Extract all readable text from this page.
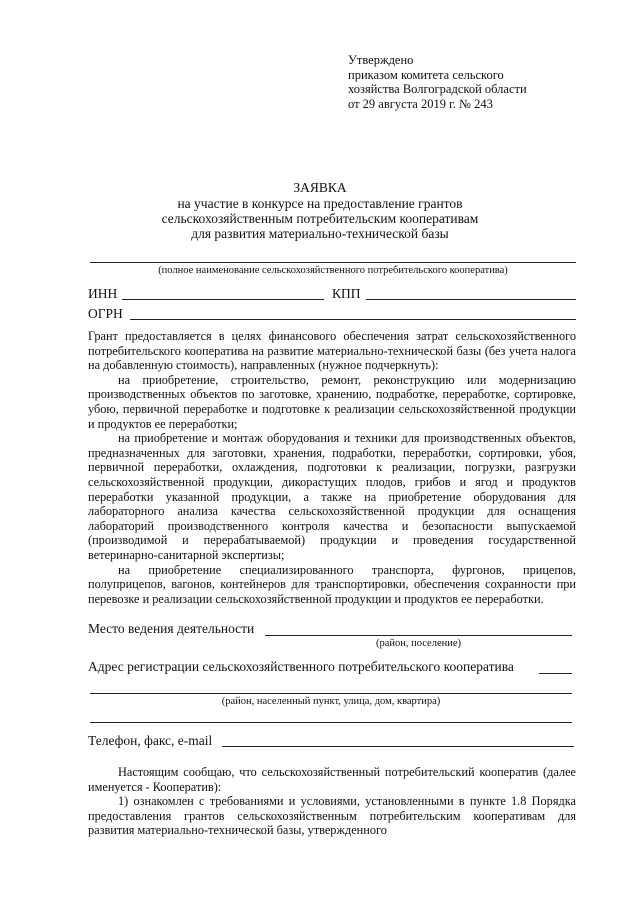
Утверждено
приказом комитета сельского
хозяйства Волгоградской области
от 29 августа 2019 г. № 243
ЗАЯВКА
на участие в конкурсе на предоставление грантов
сельскохозяйственным потребительским кооперативам
для развития материально-технической базы
(полное наименование сельскохозяйственного потребительского кооператива)
ИНН	КПП
ОГРН

Грант предоставляется в целях финансового обеспечения затрат сельскохозяйственного потребительского кооператива на развитие материально-технической базы (без учета налога на добавленную стоимость), направленных (нужное подчеркнуть):

на приобретение, строительство, ремонт, реконструкцию или модернизацию производственных объектов по заготовке, хранению, подработке, переработке, сортировке, убою, первичной переработке и подготовке к реализации сельскохозяйственной продукции и продуктов ее переработки;

на приобретение и монтаж оборудования и техники для производственных объектов, предназначенных для заготовки, хранения, подработки, переработки, сортировки, убоя, первичной переработки, охлаждения, подготовки к реализации, погрузки, разгрузки сельскохозяйственной продукции, дикорастущих плодов, грибов и ягод и продуктов переработки указанной продукции, а также на приобретение оборудования для лабораторного анализа качества сельскохозяйственной продукции для оснащения лабораторий производственного контроля качества и безопасности выпускаемой (производимой и перерабатываемой) продукции и проведения государственной ветеринарно-санитарной экспертизы;

на приобретение специализированного транспорта, фургонов, прицепов, полуприцепов, вагонов, контейнеров для транспортировки, обеспечения сохранности при перевозке и реализации сельскохозяйственной продукции и продуктов ее переработки.

Место ведения деятельности
(район, поселение)
Адрес регистрации сельскохозяйственного потребительского кооператива
(район, населенный пункт, улица, дом, квартира)
Телефон, факс, e-mail

Настоящим сообщаю, что сельскохозяйственный потребительский кооператив (далее именуется - Кооператив):

1) ознакомлен с требованиями и условиями, установленными в пункте 1.8 Порядка предоставления грантов сельскохозяйственным потребительским кооперативам для развития материально-технической базы, утвержденного
